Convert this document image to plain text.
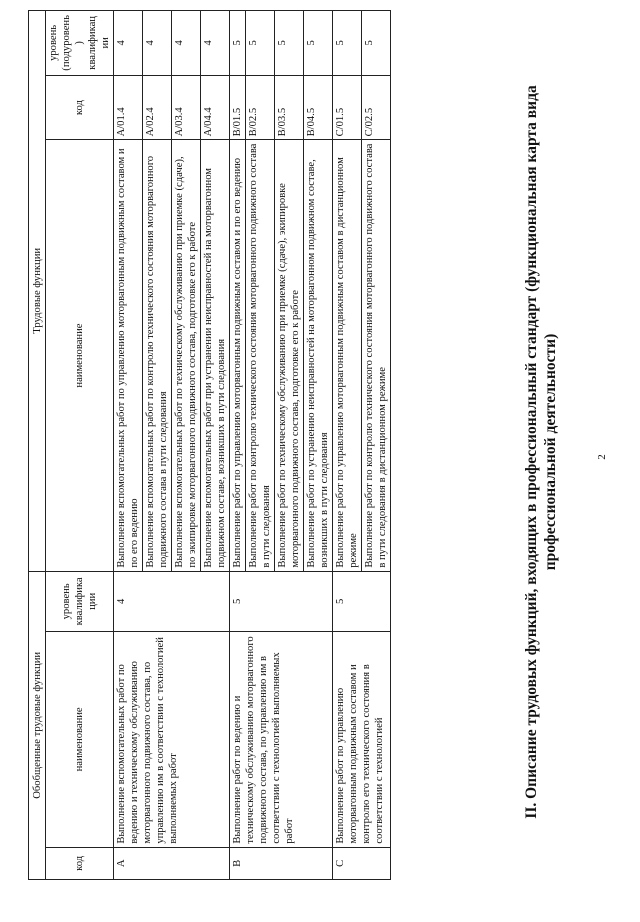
2
II. Описание трудовых функций, входящих в профессиональный стандарт (функциональная карта вида профессиональной деятельности)
Обобщенные трудовые функции			Трудовые функции		
код	наименование	уровень квалификации	наименование	код	уровень (подуровень) квалификации
А	Выполнение вспомогательных работ по ведению и техническому обслуживанию моторвагонного подвижного состава, по управлению им в соответствии с технологией выполняемых работ	4	Выполнение вспомогательных работ по управлению моторвагонным подвижным составом и по его ведению	А/01.4	4
			Выполнение вспомогательных работ по контролю технического состояния моторвагонного подвижного состава в пути следования	А/02.4	4
			Выполнение вспомогательных работ по техническому обслуживанию при приемке (сдаче), по экипировке моторвагонного подвижного состава, подготовке его к работе	А/03.4	4
			Выполнение вспомогательных работ при устранении неисправностей на моторвагонном подвижном составе, возникших в пути следования	А/04.4	4
В	Выполнение работ по ведению и техническому обслуживанию моторвагонного подвижного состава, по управлению им в соответствии с технологией выполняемых работ	5	Выполнение работ по управлению моторвагонным подвижным составом и по его ведению	В/01.5	5
			Выполнение работ по контролю технического состояния моторвагонного подвижного состава в пути следования	В/02.5	5
			Выполнение работ по техническому обслуживанию при приемке (сдаче), экипировке моторвагонного подвижного состава, подготовке его к работе	В/03.5	5
			Выполнение работ по устранению неисправностей на моторвагонном подвижном составе, возникших в пути следования	В/04.5	5
С	Выполнение работ по управлению моторвагонным подвижным составом и контролю его технического состояния в соответствии с технологией	5	Выполнение работ по управлению моторвагонным подвижным составом в дистанционном режиме	С/01.5	5
			Выполнение работ по контролю технического состояния моторвагонного подвижного состава в пути следования в дистанционном режиме	С/02.5	5
